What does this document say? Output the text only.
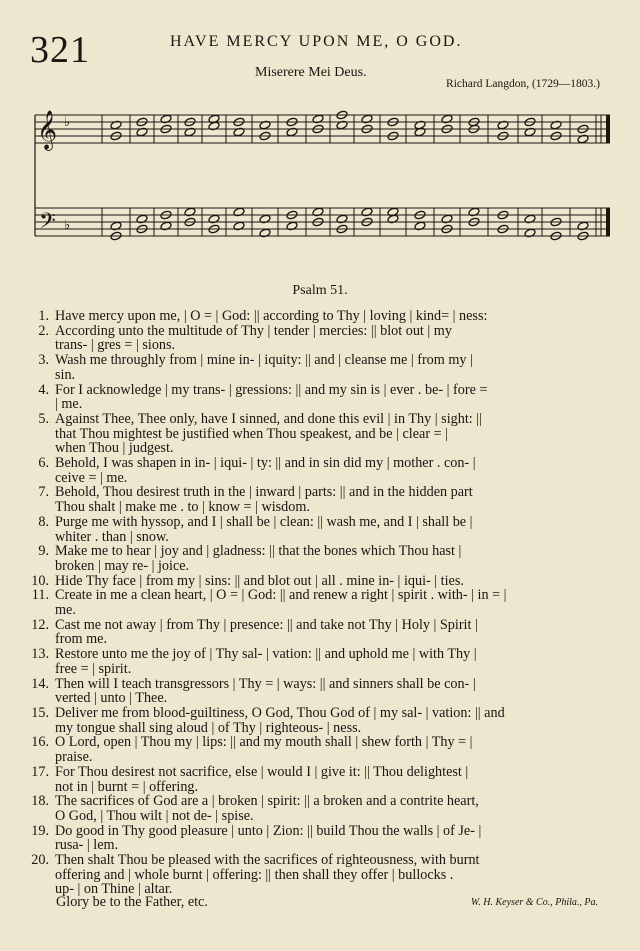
321	HAVE MERCY UPON ME, O GOD.
Miserere Mei Deus.
Richard Langdon, (1729—1803.)
𝄞
𝄢
♭
♭
Psalm 51.
1. Have mercy upon me, | O = | God: || according to Thy | loving | kind= | ness:
2. According unto the multitude of Thy | tender | mercies: || blot out | my
trans- | gres = | sions.
3. Wash me throughly from | mine in- | iquity: || and | cleanse me | from my |
sin.
4. For I acknowledge | my trans- | gressions: || and my sin is | ever . be- | fore =
| me.
5. Against Thee, Thee only, have I sinned, and done this evil | in Thy | sight: ||
that Thou mightest be justified when Thou speakest, and be | clear = |
when Thou | judgest.
6. Behold, I was shapen in in- | iqui- | ty: || and in sin did my | mother . con- |
ceive = | me.
7. Behold, Thou desirest truth in the | inward | parts: || and in the hidden part
Thou shalt | make me . to | know = | wisdom.
8. Purge me with hyssop, and I | shall be | clean: || wash me, and I | shall be |
whiter . than | snow.
9. Make me to hear | joy and | gladness: || that the bones which Thou hast |
broken | may re- | joice.
10. Hide Thy face | from my | sins: || and blot out | all . mine in- | iqui- | ties.
11. Create in me a clean heart, | O = | God: || and renew a right | spirit . with- | in = |
me.
12. Cast me not away | from Thy | presence: || and take not Thy | Holy | Spirit |
from me.
13. Restore unto me the joy of | Thy sal- | vation: || and uphold me | with Thy |
free = | spirit.
14. Then will I teach transgressors | Thy = | ways: || and sinners shall be con- |
verted | unto | Thee.
15. Deliver me from blood-guiltiness, O God, Thou God of | my sal- | vation: || and
my tongue shall sing aloud | of Thy | righteous- | ness.
16. O Lord, open | Thou my | lips: || and my mouth shall | shew forth | Thy = |
praise.
17. For Thou desirest not sacrifice, else | would I | give it: || Thou delightest |
not in | burnt = | offering.
18. The sacrifices of God are a | broken | spirit: || a broken and a contrite heart,
O God, | Thou wilt | not de- | spise.
19. Do good in Thy good pleasure | unto | Zion: || build Thou the walls | of Je- |
rusa- | lem.
20. Then shalt Thou be pleased with the sacrifices of righteousness, with burnt
offering and | whole burnt | offering: || then shall they offer | bullocks .
up- | on Thine | altar.
Glory be to the Father, etc.	W. H. Keyser & Co., Phila., Pa.
